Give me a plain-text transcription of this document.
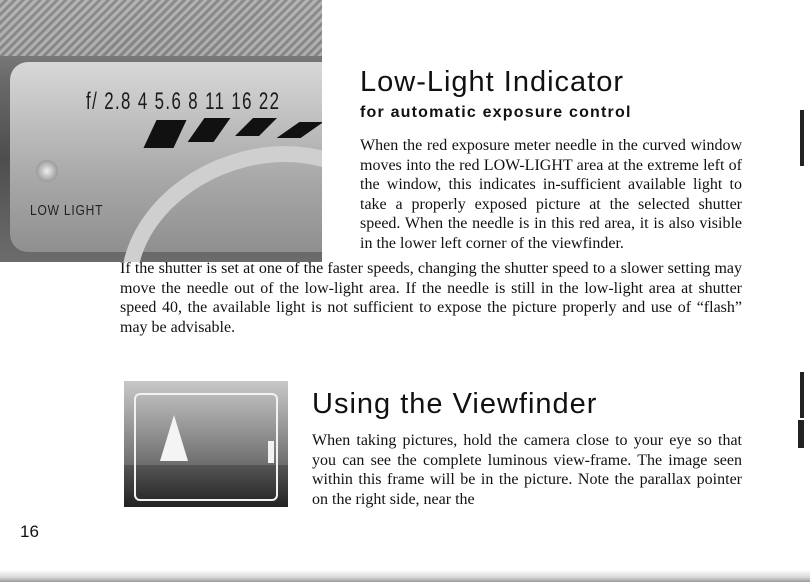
f/ 2.8 4 5.6 8 11 16 22
LOW LIGHT
Low-Light Indicator
for automatic exposure control

When the red exposure meter needle in the curved window moves into the red LOW-LIGHT area at the extreme left of the window, this indicates in-sufficient available light to take a properly exposed picture at the selected shutter speed. When the needle is in this red area, it is also visible in the lower left corner of the viewfinder.

If the shutter is set at one of the faster speeds, changing the shutter speed to a slower setting may move the needle out of the low-light area. If the needle is still in the low-light area at shutter speed 40, the available light is not sufficient to expose the picture properly and use of “flash” may be advisable.

Using the Viewfinder

When taking pictures, hold the camera close to your eye so that you can see the complete luminous view-frame. The image seen within this frame will be in the picture. Note the parallax pointer on the right side, near the

16
